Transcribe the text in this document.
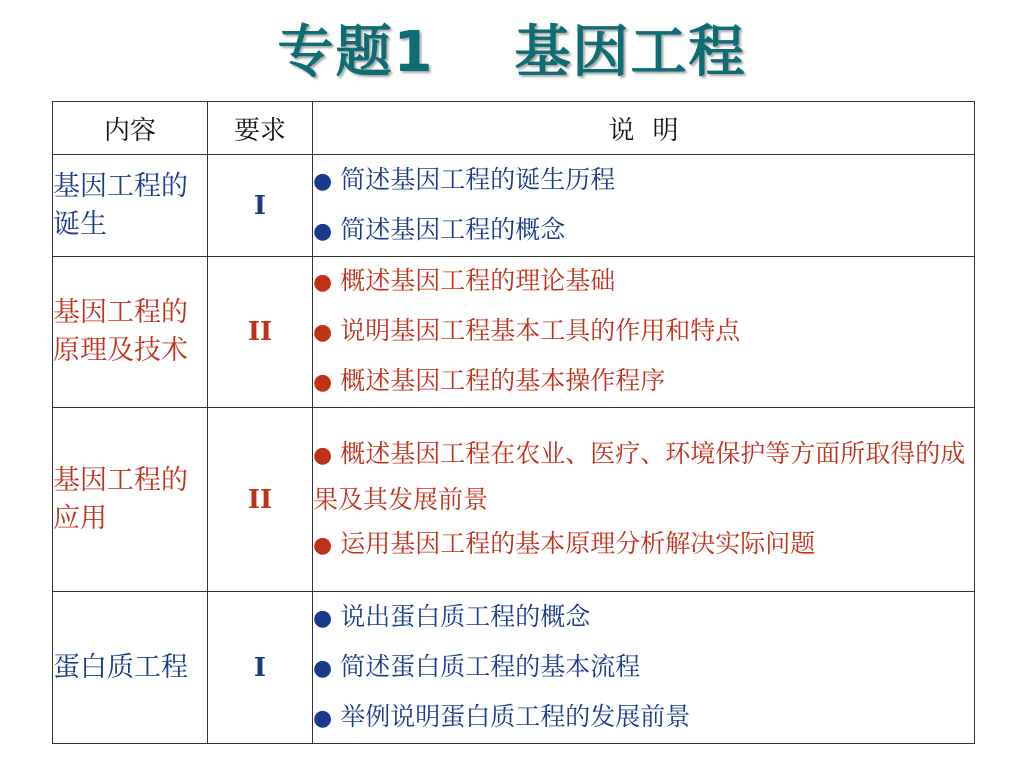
专题1 基因工程
内容	要求	说明
基因工程的诞生	I	● 简述基因工程的诞生历程
● 简述基因工程的概念

基因工程的原理及技术	II	● 概述基因工程的理论基础
● 说明基因工程基本工具的作用和特点
● 概述基因工程的基本操作程序

基因工程的应用	II	● 概述基因工程在农业、医疗、环境保护等方面所取得的成果及其发展前景
● 运用基因工程的基本原理分析解决实际问题

蛋白质工程	I	● 说出蛋白质工程的概念
● 简述蛋白质工程的基本流程
● 举例说明蛋白质工程的发展前景
